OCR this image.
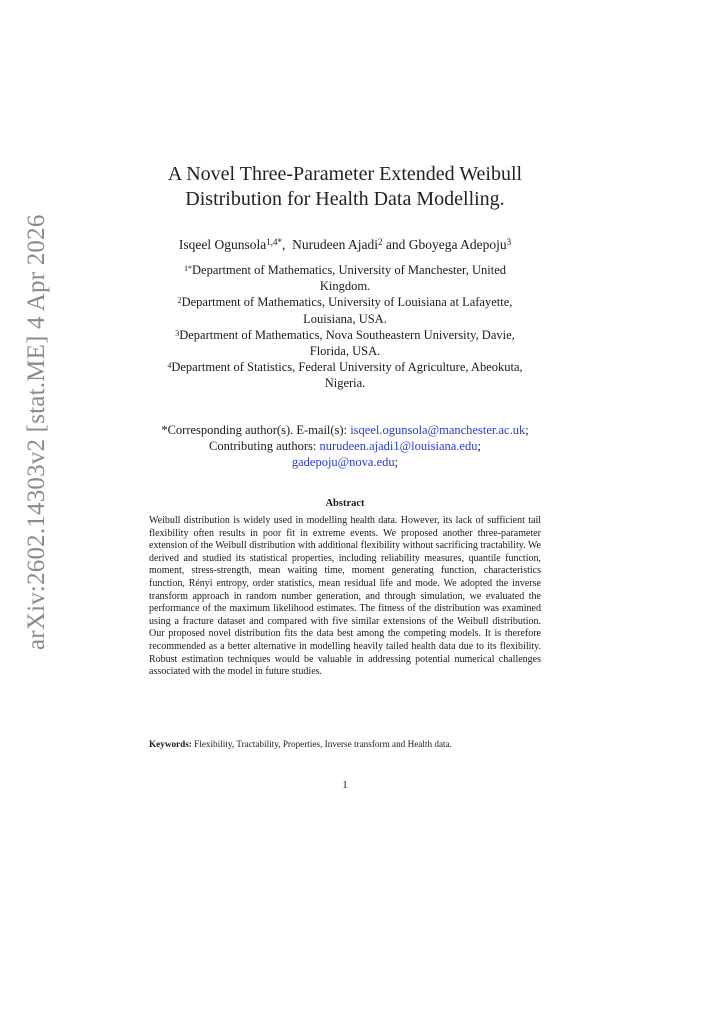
arXiv:2602.14303v2 [stat.ME] 4 Apr 2026
A Novel Three-Parameter Extended Weibull
Distribution for Health Data Modelling.
Isqeel Ogunsola$^{1,4*}$,  Nurudeen Ajadi$^2$ and Gboyega Adepoju$^3$
$^{1*}$Department of Mathematics, University of Manchester, United
Kingdom.
$^2$Department of Mathematics, University of Louisiana at Lafayette,
Louisiana, USA.
$^3$Department of Mathematics, Nova Southeastern University, Davie,
Florida, USA.
$^4$Department of Statistics, Federal University of Agriculture, Abeokuta,
Nigeria.
*Corresponding author(s). E-mail(s): isqeel.ogunsola@manchester.ac.uk;
Contributing authors: nurudeen.ajadi1@louisiana.edu;
gadepoju@nova.edu;
Abstract
Weibull distribution is widely used in modelling health data. However, its lack of sufficient tail flexibility often results in poor fit in extreme events. We proposed another three-parameter extension of the Weibull distribution with additional flexibility without sacrificing tractability. We derived and studied its statistical properties, including reliability measures, quantile function, moment, stress-strength, mean waiting time, moment generating function, characteristics function, Rényi entropy, order statistics, mean residual life and mode. We adopted the inverse transform approach in random number generation, and through simulation, we evaluated the performance of the maximum likelihood estimates. The fitness of the distribution was examined using a fracture dataset and compared with five similar extensions of the Weibull distribution. Our proposed novel distribution fits the data best among the competing models. It is therefore recommended as a better alternative in modelling heavily tailed health data due to its flexibility. Robust estimation techniques would be valuable in addressing potential numerical challenges associated with the model in future studies.
Keywords: Flexibility, Tractability, Properties, Inverse transform and Health data.
1
